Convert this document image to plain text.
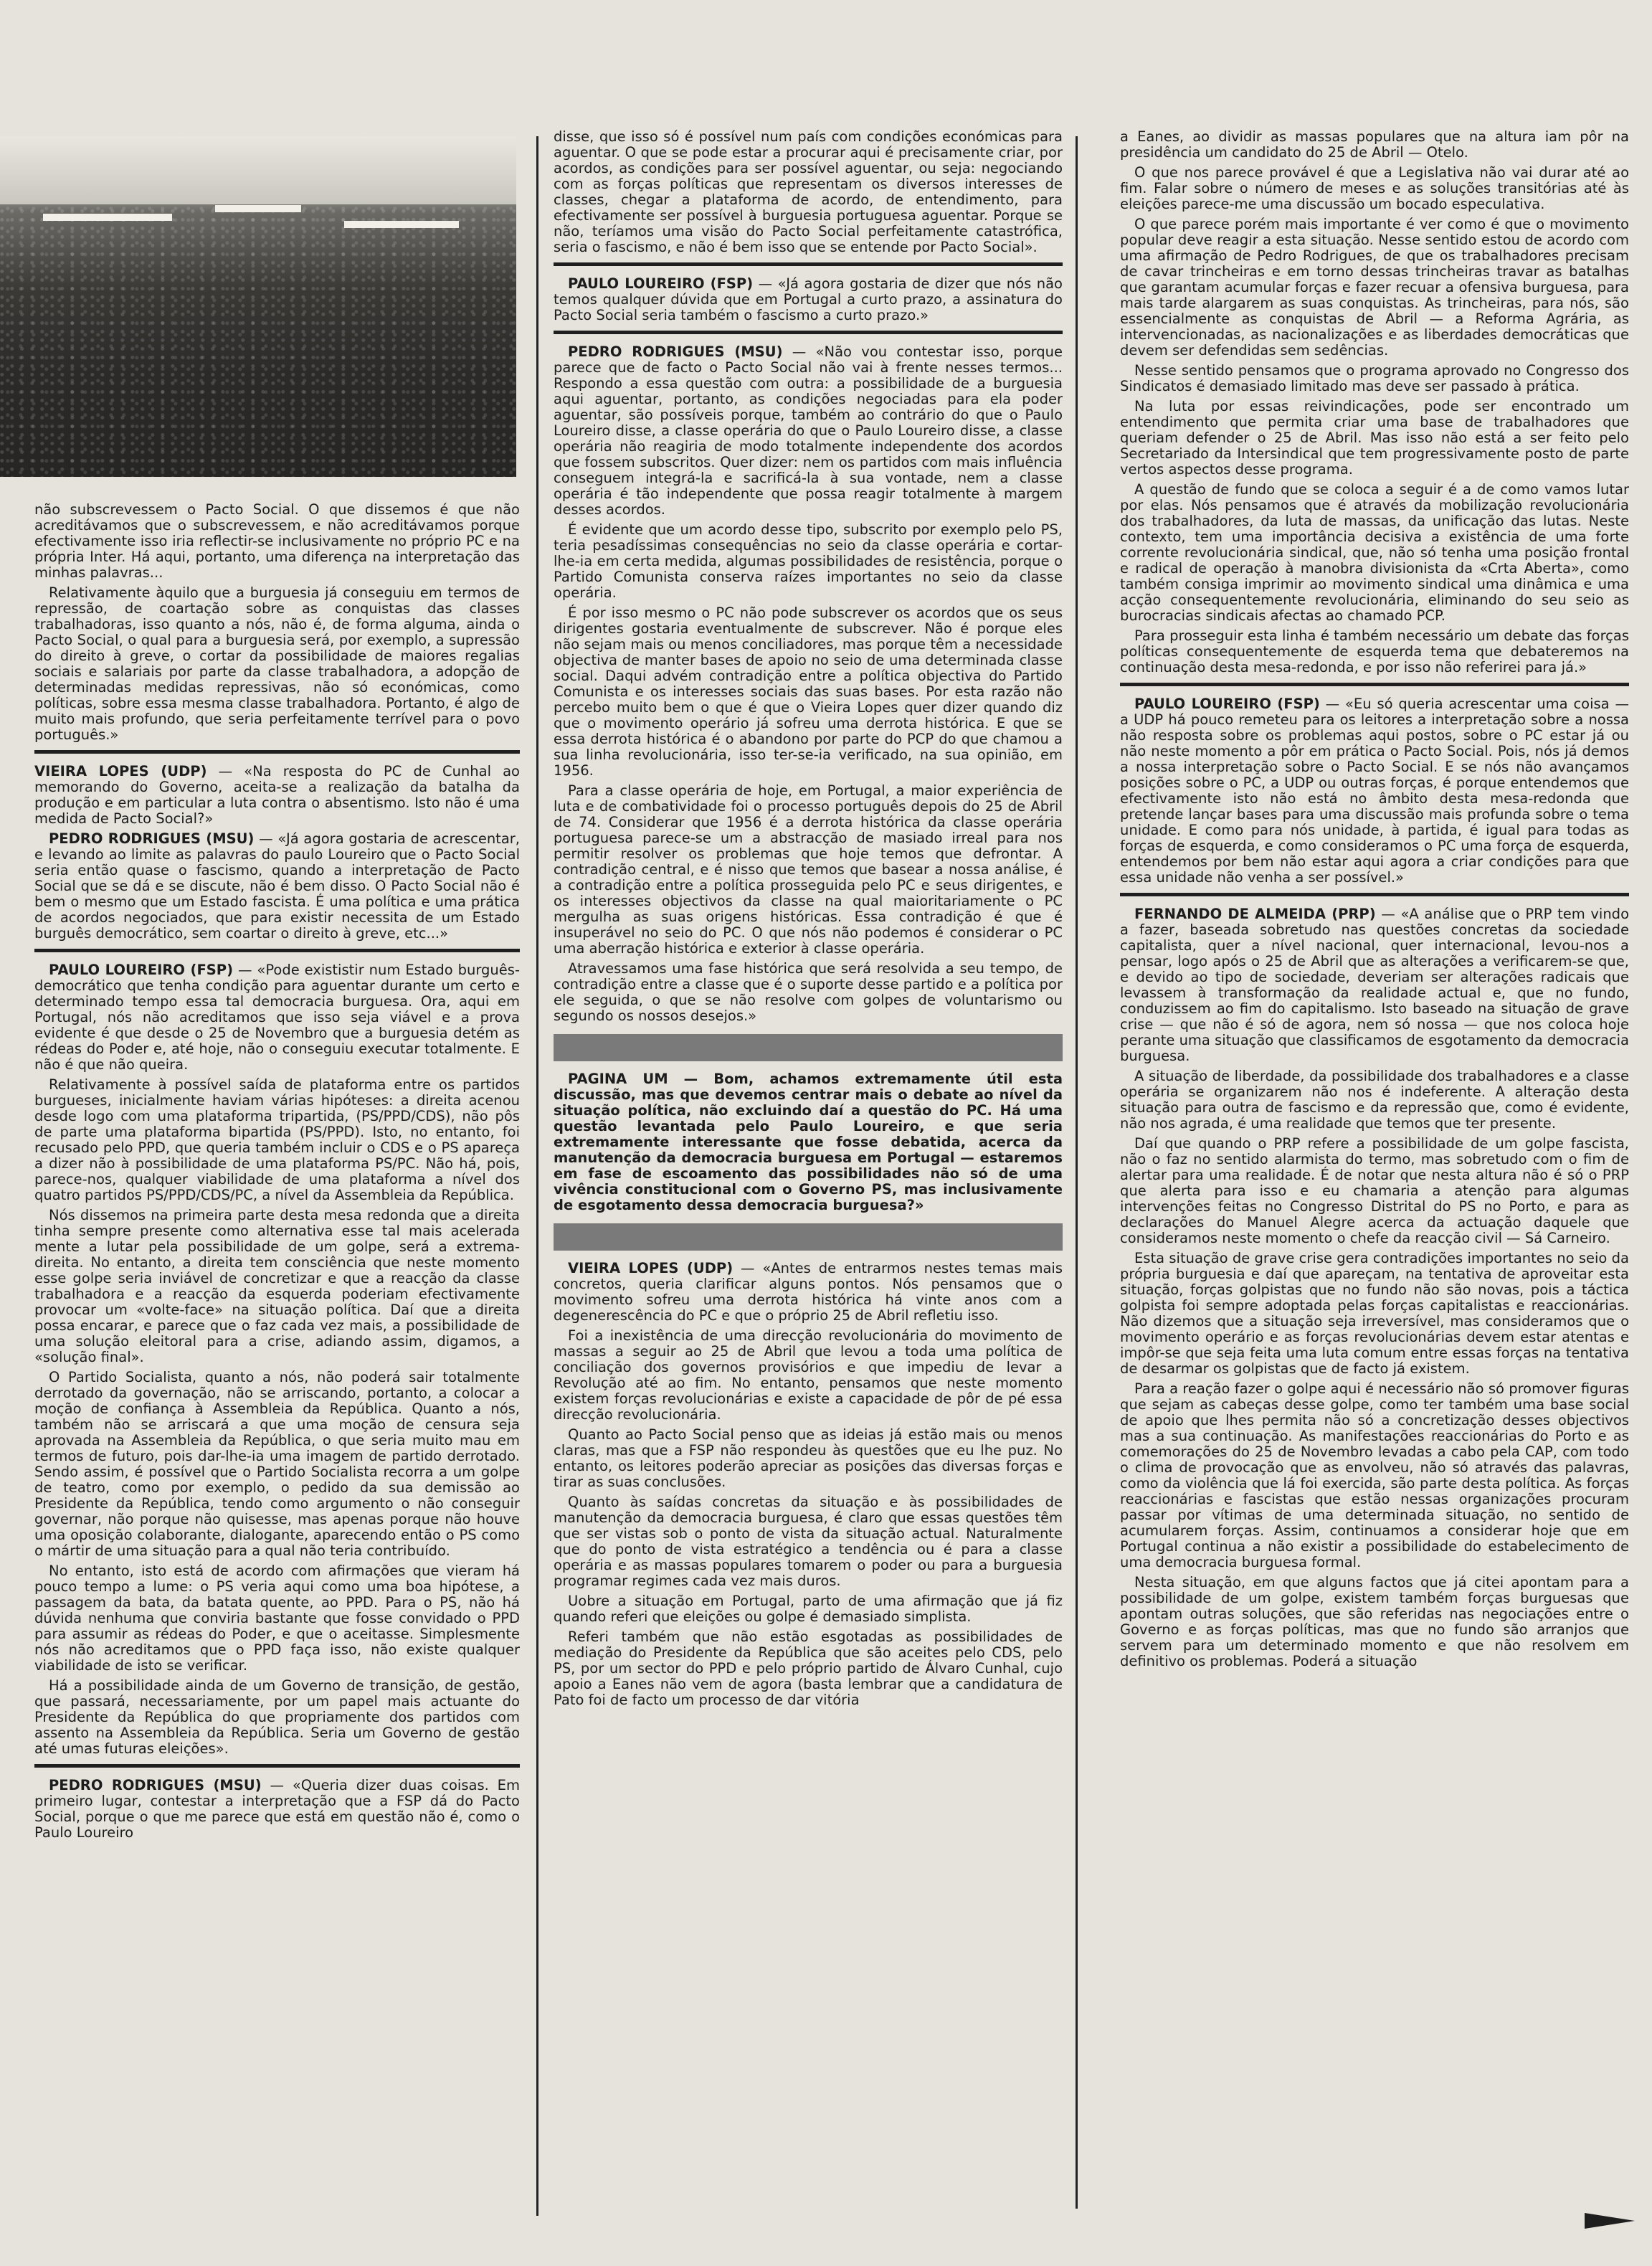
não subscrevessem o Pacto Social. O que dissemos é que não acreditávamos que o subscrevessem, e não acreditávamos porque efectivamente isso iria reflectir-se inclusivamente no próprio PC e na própria Inter. Há aqui, portanto, uma diferença na interpretação das minhas palavras...

Relativamente àquilo que a burguesia já conseguiu em termos de repressão, de coartação sobre as conquistas das classes trabalhadoras, isso quanto a nós, não é, de forma alguma, ainda o Pacto Social, o qual para a burguesia será, por exemplo, a supressão do direito à greve, o cortar da possibilidade de maiores regalias sociais e salariais por parte da classe trabalhadora, a adopção de determinadas medidas repressivas, não só económicas, como políticas, sobre essa mesma classe trabalhadora. Portanto, é algo de muito mais profundo, que seria perfeitamente terrível para o povo português.»

VIEIRA LOPES (UDP) — «Na resposta do PC de Cunhal ao memorando do Governo, aceita-se a realização da batalha da produção e em particular a luta contra o absentismo. Isto não é uma medida de Pacto Social?»

PEDRO RODRIGUES (MSU) — «Já agora gostaria de acrescentar, e levando ao limite as palavras do paulo Loureiro que o Pacto Social seria então quase o fascismo, quando a interpretação de Pacto Social que se dá e se discute, não é bem disso. O Pacto Social não é bem o mesmo que um Estado fascista. É uma política e uma prática de acordos negociados, que para existir necessita de um Estado burguês democrático, sem coartar o direito à greve, etc...»

PAULO LOUREIRO (FSP) — «Pode exististir num Estado burguês-democrático que tenha condição para aguentar durante um certo e determinado tempo essa tal democracia burguesa. Ora, aqui em Portugal, nós não acreditamos que isso seja viável e a prova evidente é que desde o 25 de Novembro que a burguesia detém as rédeas do Poder e, até hoje, não o conseguiu executar totalmente. E não é que não queira.

Relativamente à possível saída de plataforma entre os partidos burgueses, inicialmente haviam várias hipóteses: a direita acenou desde logo com uma plataforma tripartida, (PS/PPD/CDS), não pôs de parte uma plataforma bipartida (PS/PPD). Isto, no entanto, foi recusado pelo PPD, que queria também incluir o CDS e o PS apareça a dizer não à possibilidade de uma plataforma PS/PC. Não há, pois, parece-nos, qualquer viabilidade de uma plataforma a nível dos quatro partidos PS/PPD/CDS/PC, a nível da Assembleia da República.

Nós dissemos na primeira parte desta mesa redonda que a direita tinha sempre presente como alternativa esse tal mais acelerada mente a lutar pela possibilidade de um golpe, será a extrema-direita. No entanto, a direita tem consciência que neste momento esse golpe seria inviável de concretizar e que a reacção da classe trabalhadora e a reacção da esquerda poderiam efectivamente provocar um «volte-face» na situação política. Daí que a direita possa encarar, e parece que o faz cada vez mais, a possibilidade de uma solução eleitoral para a crise, adiando assim, digamos, a «solução final».

O Partido Socialista, quanto a nós, não poderá sair totalmente derrotado da governação, não se arriscando, portanto, a colocar a moção de confiança à Assembleia da República. Quanto a nós, também não se arriscará a que uma moção de censura seja aprovada na Assembleia da República, o que seria muito mau em termos de futuro, pois dar-lhe-ia uma imagem de partido derrotado. Sendo assim, é possível que o Partido Socialista recorra a um golpe de teatro, como por exemplo, o pedido da sua demissão ao Presidente da República, tendo como argumento o não conseguir governar, não porque não quisesse, mas apenas porque não houve uma oposição colaborante, dialogante, aparecendo então o PS como o mártir de uma situação para a qual não teria contribuído.

No entanto, isto está de acordo com afirmações que vieram há pouco tempo a lume: o PS veria aqui como uma boa hipótese, a passagem da bata, da batata quente, ao PPD. Para o PS, não há dúvida nenhuma que conviria bastante que fosse convidado o PPD para assumir as rédeas do Poder, e que o aceitasse. Simplesmente nós não acreditamos que o PPD faça isso, não existe qualquer viabilidade de isto se verificar.

Há a possibilidade ainda de um Governo de transição, de gestão, que passará, necessariamente, por um papel mais actuante do Presidente da República do que propriamente dos partidos com assento na Assembleia da República. Seria um Governo de gestão até umas futuras eleições».

PEDRO RODRIGUES (MSU) — «Queria dizer duas coisas. Em primeiro lugar, contestar a interpretação que a FSP dá do Pacto Social, porque o que me parece que está em questão não é, como o Paulo Loureiro

disse, que isso só é possível num país com condições económicas para aguentar. O que se pode estar a procurar aqui é precisamente criar, por acordos, as condições para ser possível aguentar, ou seja: negociando com as forças políticas que representam os diversos interesses de classes, chegar a plataforma de acordo, de entendimento, para efectivamente ser possível à burguesia portuguesa aguentar. Porque se não, teríamos uma visão do Pacto Social perfeitamente catastrófica, seria o fascismo, e não é bem isso que se entende por Pacto Social».

PAULO LOUREIRO (FSP) — «Já agora gostaria de dizer que nós não temos qualquer dúvida que em Portugal a curto prazo, a assinatura do Pacto Social seria também o fascismo a curto prazo.»

PEDRO RODRIGUES (MSU) — «Não vou contestar isso, porque parece que de facto o Pacto Social não vai à frente nesses termos... Respondo a essa questão com outra: a possibilidade de a burguesia aqui aguentar, portanto, as condições negociadas para ela poder aguentar, são possíveis porque, também ao contrário do que o Paulo Loureiro disse, a classe operária do que o Paulo Loureiro disse, a classe operária não reagiria de modo totalmente independente dos acordos que fossem subscritos. Quer dizer: nem os partidos com mais influência conseguem integrá-la e sacrificá-la à sua vontade, nem a classe operária é tão independente que possa reagir totalmente à margem desses acordos.

É evidente que um acordo desse tipo, subscrito por exemplo pelo PS, teria pesadíssimas consequências no seio da classe operária e cortar-lhe-ia em certa medida, algumas possibilidades de resistência, porque o Partido Comunista conserva raízes importantes no seio da classe operária.

É por isso mesmo o PC não pode subscrever os acordos que os seus dirigentes gostaria eventualmente de subscrever. Não é porque eles não sejam mais ou menos conciliadores, mas porque têm a necessidade objectiva de manter bases de apoio no seio de uma determinada classe social. Daqui advém contradição entre a política objectiva do Partido Comunista e os interesses sociais das suas bases. Por esta razão não percebo muito bem o que é que o Vieira Lopes quer dizer quando diz que o movimento operário já sofreu uma derrota histórica. E que se essa derrota histórica é o abandono por parte do PCP do que chamou a sua linha revolucionária, isso ter-se-ia verificado, na sua opinião, em 1956.

Para a classe operária de hoje, em Portugal, a maior experiência de luta e de combatividade foi o processo português depois do 25 de Abril de 74. Considerar que 1956 é a derrota histórica da classe operária portuguesa parece-se um a abstracção de masiado irreal para nos permitir resolver os problemas que hoje temos que defrontar. A contradição central, e é nisso que temos que basear a nossa análise, é a contradição entre a política prosseguida pelo PC e seus dirigentes, e os interesses objectivos da classe na qual maioritariamente o PC mergulha as suas origens históricas. Essa contradição é que é insuperável no seio do PC. O que nós não podemos é considerar o PC uma aberração histórica e exterior à classe operária.

Atravessamos uma fase histórica que será resolvida a seu tempo, de contradição entre a classe que é o suporte desse partido e a política por ele seguida, o que se não resolve com golpes de voluntarismo ou segundo os nossos desejos.»

PAGINA UM — Bom, achamos extremamente útil esta discussão, mas que devemos centrar mais o debate ao nível da situação política, não excluindo daí a questão do PC. Há uma questão levantada pelo Paulo Loureiro, e que seria extremamente interessante que fosse debatida, acerca da manutenção da democracia burguesa em Portugal — estaremos em fase de escoamento das possibilidades não só de uma vivência constitucional com o Governo PS, mas inclusivamente de esgotamento dessa democracia burguesa?»

VIEIRA LOPES (UDP) — «Antes de entrarmos nestes temas mais concretos, queria clarificar alguns pontos. Nós pensamos que o movimento sofreu uma derrota histórica há vinte anos com a degenerescência do PC e que o próprio 25 de Abril refletiu isso.

Foi a inexistência de uma direcção revolucionária do movimento de massas a seguir ao 25 de Abril que levou a toda uma política de conciliação dos governos provisórios e que impediu de levar a Revolução até ao fim. No entanto, pensamos que neste momento existem forças revolucionárias e existe a capacidade de pôr de pé essa direcção revolucionária.

Quanto ao Pacto Social penso que as ideias já estão mais ou menos claras, mas que a FSP não respondeu às questões que eu lhe puz. No entanto, os leitores poderão apreciar as posições das diversas forças e tirar as suas conclusões.

Quanto às saídas concretas da situação e às possibilidades de manutenção da democracia burguesa, é claro que essas questões têm que ser vistas sob o ponto de vista da situação actual. Naturalmente que do ponto de vista estratégico a tendência ou é para a classe operária e as massas populares tomarem o poder ou para a burguesia programar regimes cada vez mais duros.

Uobre a situação em Portugal, parto de uma afirmação que já fiz quando referi que eleições ou golpe é demasiado simplista.

Referi também que não estão esgotadas as possibilidades de mediação do Presidente da República que são aceites pelo CDS, pelo PS, por um sector do PPD e pelo próprio partido de Álvaro Cunhal, cujo apoio a Eanes não vem de agora (basta lembrar que a candidatura de Pato foi de facto um processo de dar vitória

a Eanes, ao dividir as massas populares que na altura iam pôr na presidência um candidato do 25 de Abril — Otelo.

O que nos parece provável é que a Legislativa não vai durar até ao fim. Falar sobre o número de meses e as soluções transitórias até às eleições parece-me uma discussão um bocado especulativa.

O que parece porém mais importante é ver como é que o movimento popular deve reagir a esta situação. Nesse sentido estou de acordo com uma afirmação de Pedro Rodrigues, de que os trabalhadores precisam de cavar trincheiras e em torno dessas trincheiras travar as batalhas que garantam acumular forças e fazer recuar a ofensiva burguesa, para mais tarde alargarem as suas conquistas. As trincheiras, para nós, são essencialmente as conquistas de Abril — a Reforma Agrária, as intervencionadas, as nacionalizações e as liberdades democráticas que devem ser defendidas sem sedências.

Nesse sentido pensamos que o programa aprovado no Congresso dos Sindicatos é demasiado limitado mas deve ser passado à prática.

Na luta por essas reivindicações, pode ser encontrado um entendimento que permita criar uma base de trabalhadores que queriam defender o 25 de Abril. Mas isso não está a ser feito pelo Secretariado da Intersindical que tem progressivamente posto de parte vertos aspectos desse programa.

A questão de fundo que se coloca a seguir é a de como vamos lutar por elas. Nós pensamos que é através da mobilização revolucionária dos trabalhadores, da luta de massas, da unificação das lutas. Neste contexto, tem uma importância decisiva a existência de uma forte corrente revolucionária sindical, que, não só tenha uma posição frontal e radical de operação à manobra divisionista da «Crta Aberta», como também consiga imprimir ao movimento sindical uma dinâmica e uma acção consequentemente revolucionária, eliminando do seu seio as burocracias sindicais afectas ao chamado PCP.

Para prosseguir esta linha é também necessário um debate das forças políticas consequentemente de esquerda tema que debateremos na continuação desta mesa-redonda, e por isso não referirei para já.»

PAULO LOUREIRO (FSP) — «Eu só queria acrescentar uma coisa — a UDP há pouco remeteu para os leitores a interpretação sobre a nossa não resposta sobre os problemas aqui postos, sobre o PC estar já ou não neste momento a pôr em prática o Pacto Social. Pois, nós já demos a nossa interpretação sobre o Pacto Social. E se nós não avançamos posições sobre o PC, a UDP ou outras forças, é porque entendemos que efectivamente isto não está no âmbito desta mesa-redonda que pretende lançar bases para uma discussão mais profunda sobre o tema unidade. E como para nós unidade, à partida, é igual para todas as forças de esquerda, e como consideramos o PC uma força de esquerda, entendemos por bem não estar aqui agora a criar condições para que essa unidade não venha a ser possível.»

FERNANDO DE ALMEIDA (PRP) — «A análise que o PRP tem vindo a fazer, baseada sobretudo nas questões concretas da sociedade capitalista, quer a nível nacional, quer internacional, levou-nos a pensar, logo após o 25 de Abril que as alterações a verificarem-se que, e devido ao tipo de sociedade, deveriam ser alterações radicais que levassem à transformação da realidade actual e, que no fundo, conduzissem ao fim do capitalismo. Isto baseado na situação de grave crise — que não é só de agora, nem só nossa — que nos coloca hoje perante uma situação que classificamos de esgotamento da democracia burguesa.

A situação de liberdade, da possibilidade dos trabalhadores e a classe operária se organizarem não nos é indeferente. A alteração desta situação para outra de fascismo e da repressão que, como é evidente, não nos agrada, é uma realidade que temos que ter presente.

Daí que quando o PRP refere a possibilidade de um golpe fascista, não o faz no sentido alarmista do termo, mas sobretudo com o fim de alertar para uma realidade. É de notar que nesta altura não é só o PRP que alerta para isso e eu chamaria a atenção para algumas intervenções feitas no Congresso Distrital do PS no Porto, e para as declarações do Manuel Alegre acerca da actuação daquele que consideramos neste momento o chefe da reacção civil — Sá Carneiro.

Esta situação de grave crise gera contradições importantes no seio da própria burguesia e daí que apareçam, na tentativa de aproveitar esta situação, forças golpistas que no fundo não são novas, pois a táctica golpista foi sempre adoptada pelas forças capitalistas e reaccionárias. Não dizemos que a situação seja irreversível, mas consideramos que o movimento operário e as forças revolucionárias devem estar atentas e impôr-se que seja feita uma luta comum entre essas forças na tentativa de desarmar os golpistas que de facto já existem.

Para a reação fazer o golpe aqui é necessário não só promover figuras que sejam as cabeças desse golpe, como ter também uma base social de apoio que lhes permita não só a concretização desses objectivos mas a sua continuação. As manifestações reaccionárias do Porto e as comemorações do 25 de Novembro levadas a cabo pela CAP, com todo o clima de provocação que as envolveu, não só através das palavras, como da violência que lá foi exercida, são parte desta política. As forças reaccionárias e fascistas que estão nessas organizações procuram passar por vítimas de uma determinada situação, no sentido de acumularem forças. Assim, continuamos a considerar hoje que em Portugal continua a não existir a possibilidade do estabelecimento de uma democracia burguesa formal.

Nesta situação, em que alguns factos que já citei apontam para a possibilidade de um golpe, existem também forças burguesas que apontam outras soluções, que são referidas nas negociações entre o Governo e as forças políticas, mas que no fundo são arranjos que servem para um determinado momento e que não resolvem em definitivo os problemas. Poderá a situação
